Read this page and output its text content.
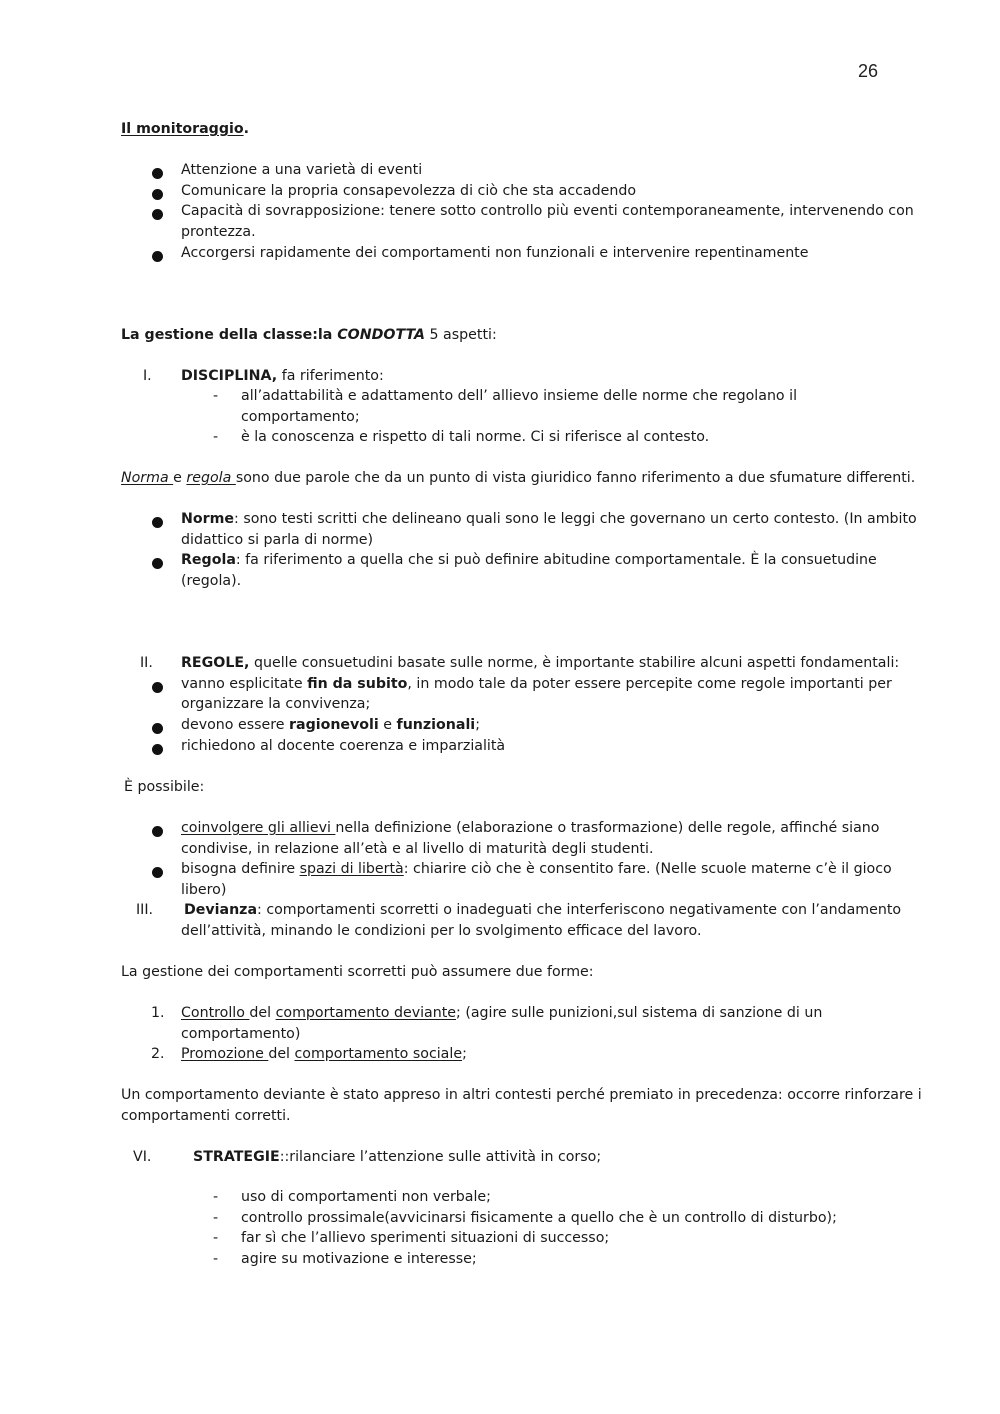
26
Il monitoraggio.
Attenzione a una varietà di eventi
Comunicare la propria consapevolezza di ciò che sta accadendo
Capacità di sovrapposizione: tenere sotto controllo più eventi contemporaneamente, intervenendo con
prontezza.
Accorgersi rapidamente dei comportamenti non funzionali e intervenire repentinamente
La gestione della classe:la CONDOTTA 5 aspetti:
I. DISCIPLINA, fa riferimento:
- all’adattabilità e adattamento dell’ allievo insieme delle norme che regolano il
comportamento;
- è la conoscenza e rispetto di tali norme. Ci si riferisce al contesto.
Norma e regola sono due parole che da un punto di vista giuridico fanno riferimento a due sfumature differenti.
Norme: sono testi scritti che delineano quali sono le leggi che governano un certo contesto. (In ambito
didattico si parla di norme)
Regola: fa riferimento a quella che si può definire abitudine comportamentale. È la consuetudine
(regola).
II. REGOLE, quelle consuetudini basate sulle norme, è importante stabilire alcuni aspetti fondamentali:
vanno esplicitate fin da subito, in modo tale da poter essere percepite come regole importanti per
organizzare la convivenza;
devono essere ragionevoli e funzionali;
richiedono al docente coerenza e imparzialità
È possibile:
coinvolgere gli allievi nella definizione (elaborazione o trasformazione) delle regole, affinché siano
condivise, in relazione all’età e al livello di maturità degli studenti.
bisogna definire spazi di libertà: chiarire ciò che è consentito fare. (Nelle scuole materne c’è il gioco
libero)
III. Devianza: comportamenti scorretti o inadeguati che interferiscono negativamente con l’andamento
dell’attività, minando le condizioni per lo svolgimento efficace del lavoro.
La gestione dei comportamenti scorretti può assumere due forme:
1. Controllo del comportamento deviante; (agire sulle punizioni,sul sistema di sanzione di un
comportamento)
2. Promozione del comportamento sociale;
Un comportamento deviante è stato appreso in altri contesti perché premiato in precedenza: occorre rinforzare i
comportamenti corretti.
VI.	STRATEGIE::rilanciare l’attenzione sulle attività in corso;
- uso di comportamenti non verbale;
- controllo prossimale(avvicinarsi fisicamente a quello che è un controllo di disturbo);
- far sì che l’allievo sperimenti situazioni di successo;
- agire su motivazione e interesse;
